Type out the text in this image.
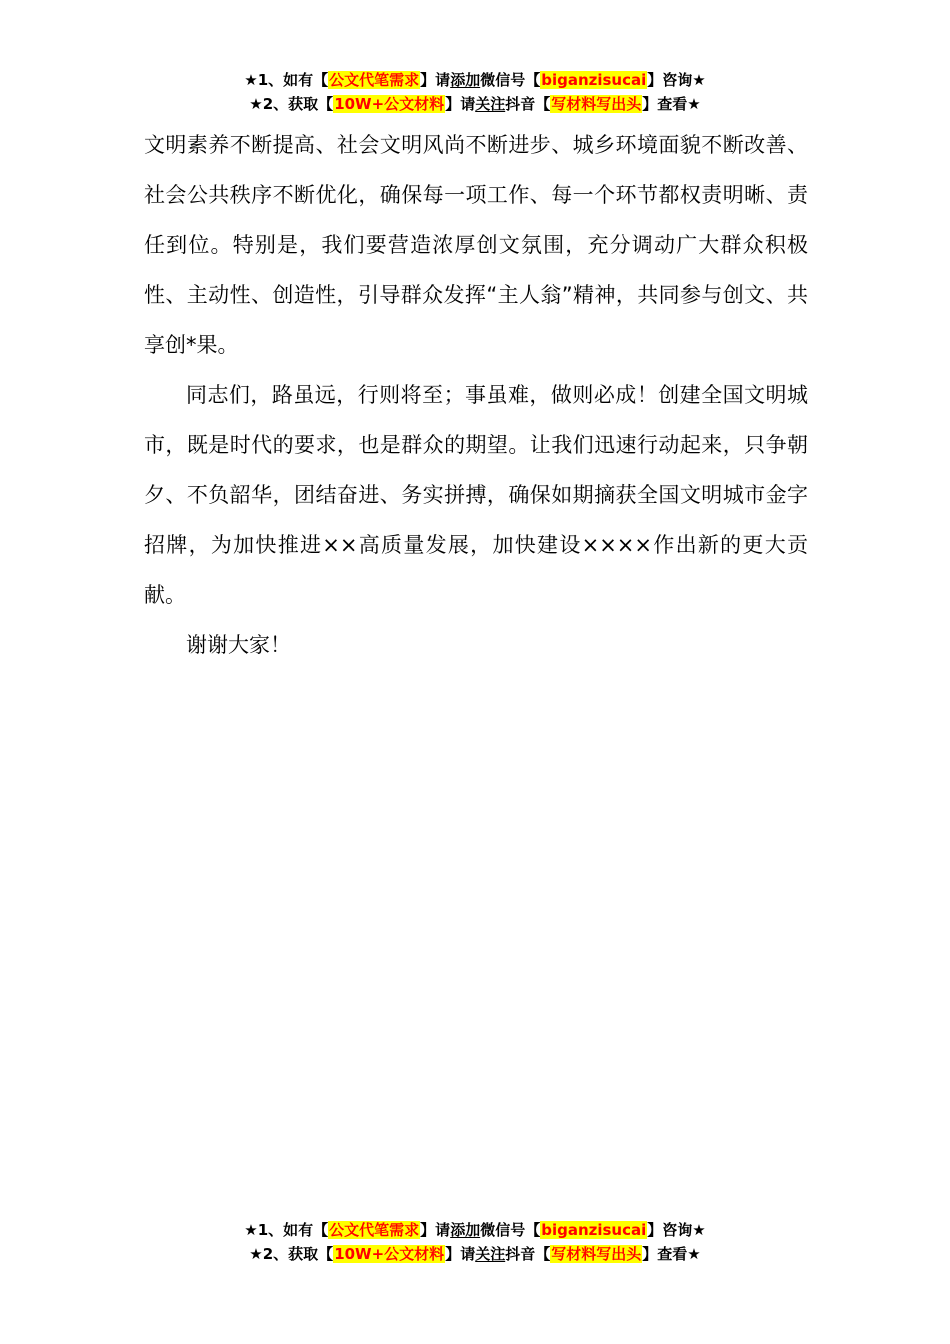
★1、如有【公文代笔需求】请添加微信号【biganzisucai】咨询★
★2、获取【10W+公文材料】请关注抖音【写材料写出头】查看★

文明素养不断提高、社会文明风尚不断进步、城乡环境面貌不断改善、社会公共秩序不断优化，确保每一项工作、每一个环节都权责明晰、责任到位。特别是，我们要营造浓厚创文氛围，充分调动广大群众积极性、主动性、创造性，引导群众发挥“主人翁”精神，共同参与创文、共享创*果。

同志们，路虽远，行则将至；事虽难，做则必成！创建全国文明城市，既是时代的要求，也是群众的期望。让我们迅速行动起来，只争朝夕、不负韶华，团结奋进、务实拼搏，确保如期摘获全国文明城市金字招牌，为加快推进××高质量发展，加快建设××××作出新的更大贡献。

谢谢大家！

★1、如有【公文代笔需求】请添加微信号【biganzisucai】咨询★
★2、获取【10W+公文材料】请关注抖音【写材料写出头】查看★
